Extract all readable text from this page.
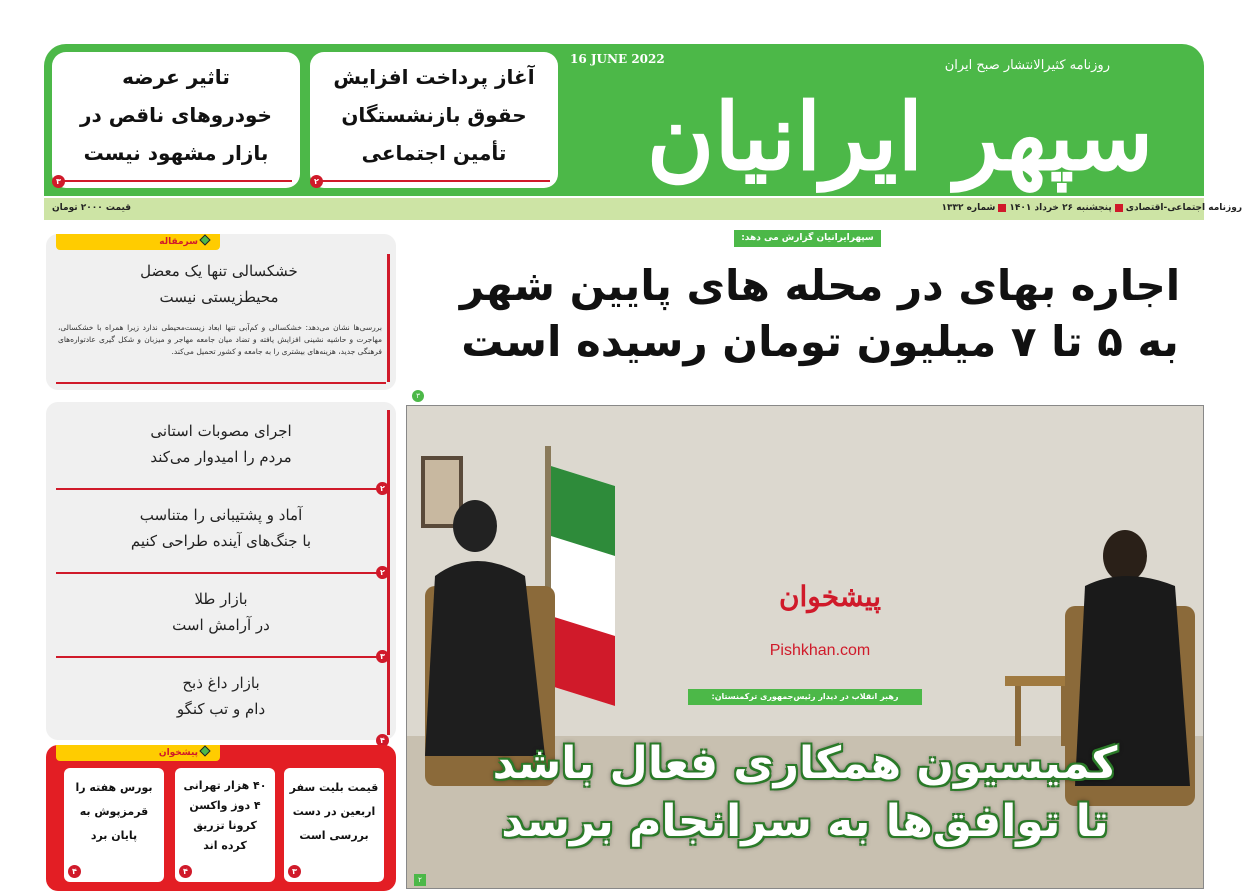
سپهر ایرانیان
روزنامه کثیرالانتشار صبح ایران
16 JUNE 2022
آغاز پرداخت افزایش
حقوق بازنشستگان
تأمین اجتماعی
۲
تاثیر عرضه
خودروهای ناقص در
بازار مشهود نیست
۳
روزنامه اجتماعی-اقتصادیپنجشنبه ۲۶ خرداد ۱۴۰۱شماره ۱۳۳۲
قیمت ۲۰۰۰ تومان
سرمقاله
خشکسالی تنها یک معضل
محیطزیستی نیست
بررسی‌ها نشان می‌دهد: خشکسالی و کم‌آبی تنها ابعاد زیست‌محیطی ندارد زیرا همراه با خشکسالی، مهاجرت و حاشیه نشینی افزایش یافته و تضاد میان جامعه مهاجر و میزبان و شکل گیری عادتواره‌های فرهنگی جدید، هزینه‌های بیشتری را به جامعه و کشور تحمیل می‌کند.
اجرای مصوبات استانی
مردم را امیدوار می‌کند
۲
آماد و پشتیبانی را متناسب
با جنگ‌های آینده طراحی کنیم
۲
بازار طلا
در آرامش است
۳
بازار داغ ذبح
دام و تب کنگو
۴
سپهرایرانیان گزارش می دهد:
اجاره بهای در محله های پایین شهر
به ۵ تا ۷ میلیون تومان رسیده است
۳
پیشخوان
Pishkhan.com
رهبر انقلاب در دیدار رئیس‌جمهوری ترکمنستان:
کمیسیون همکاری فعال باشد
تا توافق‌ها به سرانجام برسد
۲
پیشخوان
قیمت بلیت سفر
اربعین در دست
بررسی است
۳
۴۰ هزار تهرانی
۴ دوز واکسن
کرونا تزریق
کرده اند
۴
بورس هفته را
قرمزپوش به
پایان برد
۴
